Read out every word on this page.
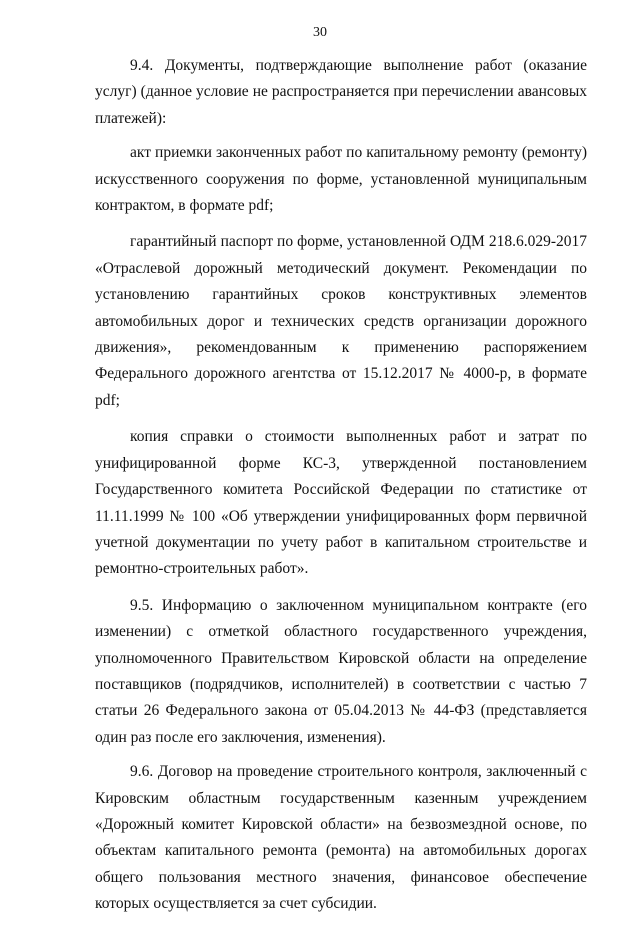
30

9.4. Документы, подтверждающие выполнение работ (оказание услуг) (данное условие не распространяется при перечислении авансовых платежей):

акт приемки законченных работ по капитальному ремонту (ремонту) искусственного сооружения по форме, установленной муниципальным контрактом, в формате pdf;

гарантийный паспорт по форме, установленной ОДМ 218.6.029-2017 «Отраслевой дорожный методический документ. Рекомендации по установлению гарантийных сроков конструктивных элементов автомобильных дорог и технических средств организации дорожного движения», рекомендованным к применению распоряжением Федерального дорожного агентства от 15.12.2017 № 4000-р, в формате pdf;

копия справки о стоимости выполненных работ и затрат по унифицированной форме КС-3, утвержденной постановлением Государственного комитета Российской Федерации по статистике от 11.11.1999 № 100 «Об утверждении унифицированных форм первичной учетной документации по учету работ в капитальном строительстве и ремонтно-строительных работ».

9.5. Информацию о заключенном муниципальном контракте (его изменении) с отметкой областного государственного учреждения, уполномоченного Правительством Кировской области на определение поставщиков (подрядчиков, исполнителей) в соответствии с частью 7 статьи 26 Федерального закона от 05.04.2013 № 44-ФЗ (представляется один раз после его заключения, изменения).

9.6. Договор на проведение строительного контроля, заключенный с Кировским областным государственным казенным учреждением «Дорожный комитет Кировской области» на безвозмездной основе, по объектам капитального ремонта (ремонта) на автомобильных дорогах общего пользования местного значения, финансовое обеспечение которых осуществляется за счет субсидии.
